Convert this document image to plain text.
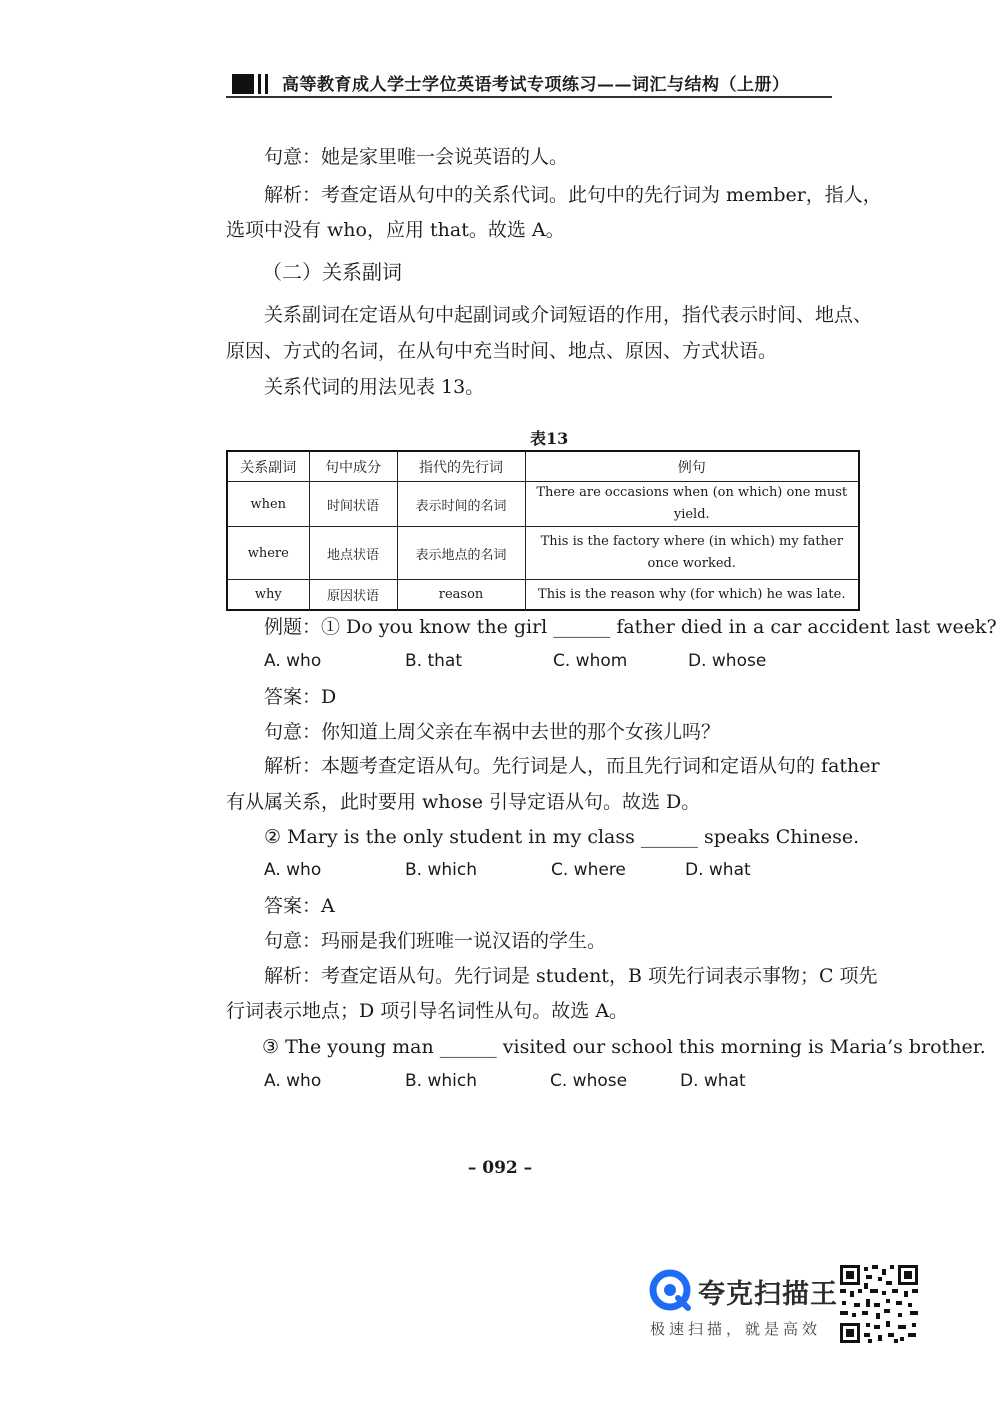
高等教育成人学士学位英语考试专项练习——词汇与结构（上册）
句意：她是家里唯一会说英语的人。
解析：考查定语从句中的关系代词。此句中的先行词为 member，指人，
选项中没有 who，应用 that。故选 A。
（二）关系副词
关系副词在定语从句中起副词或介词短语的作用，指代表示时间、地点、
原因、方式的名词，在从句中充当时间、地点、原因、方式状语。
关系代词的用法见表 13。
表13
关系副词	句中成分	指代的先行词	例句
when	时间状语	表示时间的名词	There are occasions when (on which) one must yield.
where	地点状语	表示地点的名词	This is the factory where (in which) my father once worked.
why	原因状语	reason	This is the reason why (for which) he was late.
例题：① Do you know the girl ______ father died in a car accident last week?
A. who	B. that	C. whom	D. whose
答案：D
句意：你知道上周父亲在车祸中去世的那个女孩儿吗？
解析：本题考查定语从句。先行词是人，而且先行词和定语从句的 father
有从属关系，此时要用 whose 引导定语从句。故选 D。
② Mary is the only student in my class ______ speaks Chinese.
A. who	B. which	C. where	D. what
答案：A
句意：玛丽是我们班唯一说汉语的学生。
解析：考查定语从句。先行词是 student，B 项先行词表示事物；C 项先
行词表示地点；D 项引导名词性从句。故选 A。
③ The young man ______ visited our school this morning is Maria’s brother.
A. who	B. which	C. whose	D. what
– 092 –
夸克扫描王
极速扫描，就是高效
